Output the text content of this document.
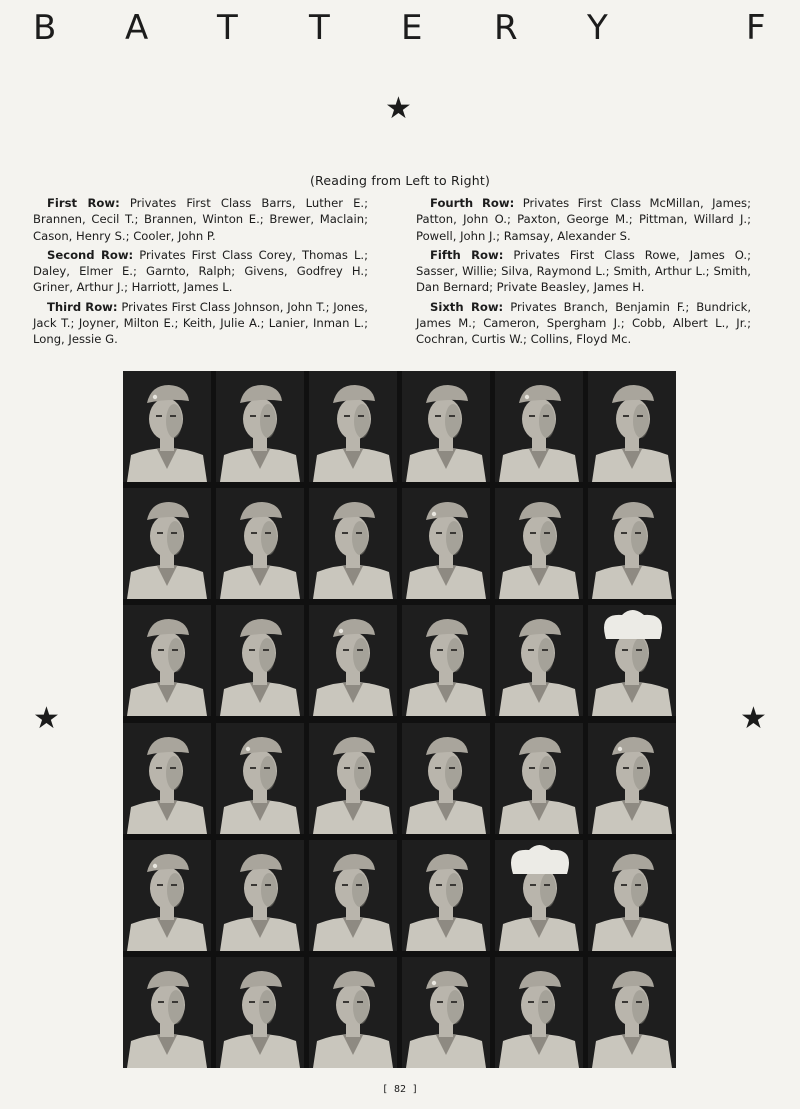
B A T T E R Y	F
★
★	★
(Reading from Left to Right)

First Row: Privates First Class Barrs, Luther E.; Brannen, Cecil T.; Brannen, Winton E.; Brewer, Maclain; Cason, Henry S.; Cooler, John P.

Second Row: Privates First Class Corey, Thomas L.; Daley, Elmer E.; Garnto, Ralph; Givens, Godfrey H.; Griner, Arthur J.; Harriott, James L.

Third Row: Privates First Class Johnson, John T.; Jones, Jack T.; Joyner, Milton E.; Keith, Julie A.; Lanier, Inman L.; Long, Jessie G.

Fourth Row: Privates First Class McMillan, James; Patton, John O.; Paxton, George M.; Pittman, Willard J.; Powell, John J.; Ramsay, Alexander S.

Fifth Row: Privates First Class Rowe, James O.; Sasser, Willie; Silva, Raymond L.; Smith, Arthur L.; Smith, Dan Bernard; Private Beasley, James H.

Sixth Row: Privates Branch, Benjamin F.; Bundrick, James M.; Cameron, Spergham J.; Cobb, Albert L., Jr.; Cochran, Curtis W.; Collins, Floyd Mc.

[ 82 ]
